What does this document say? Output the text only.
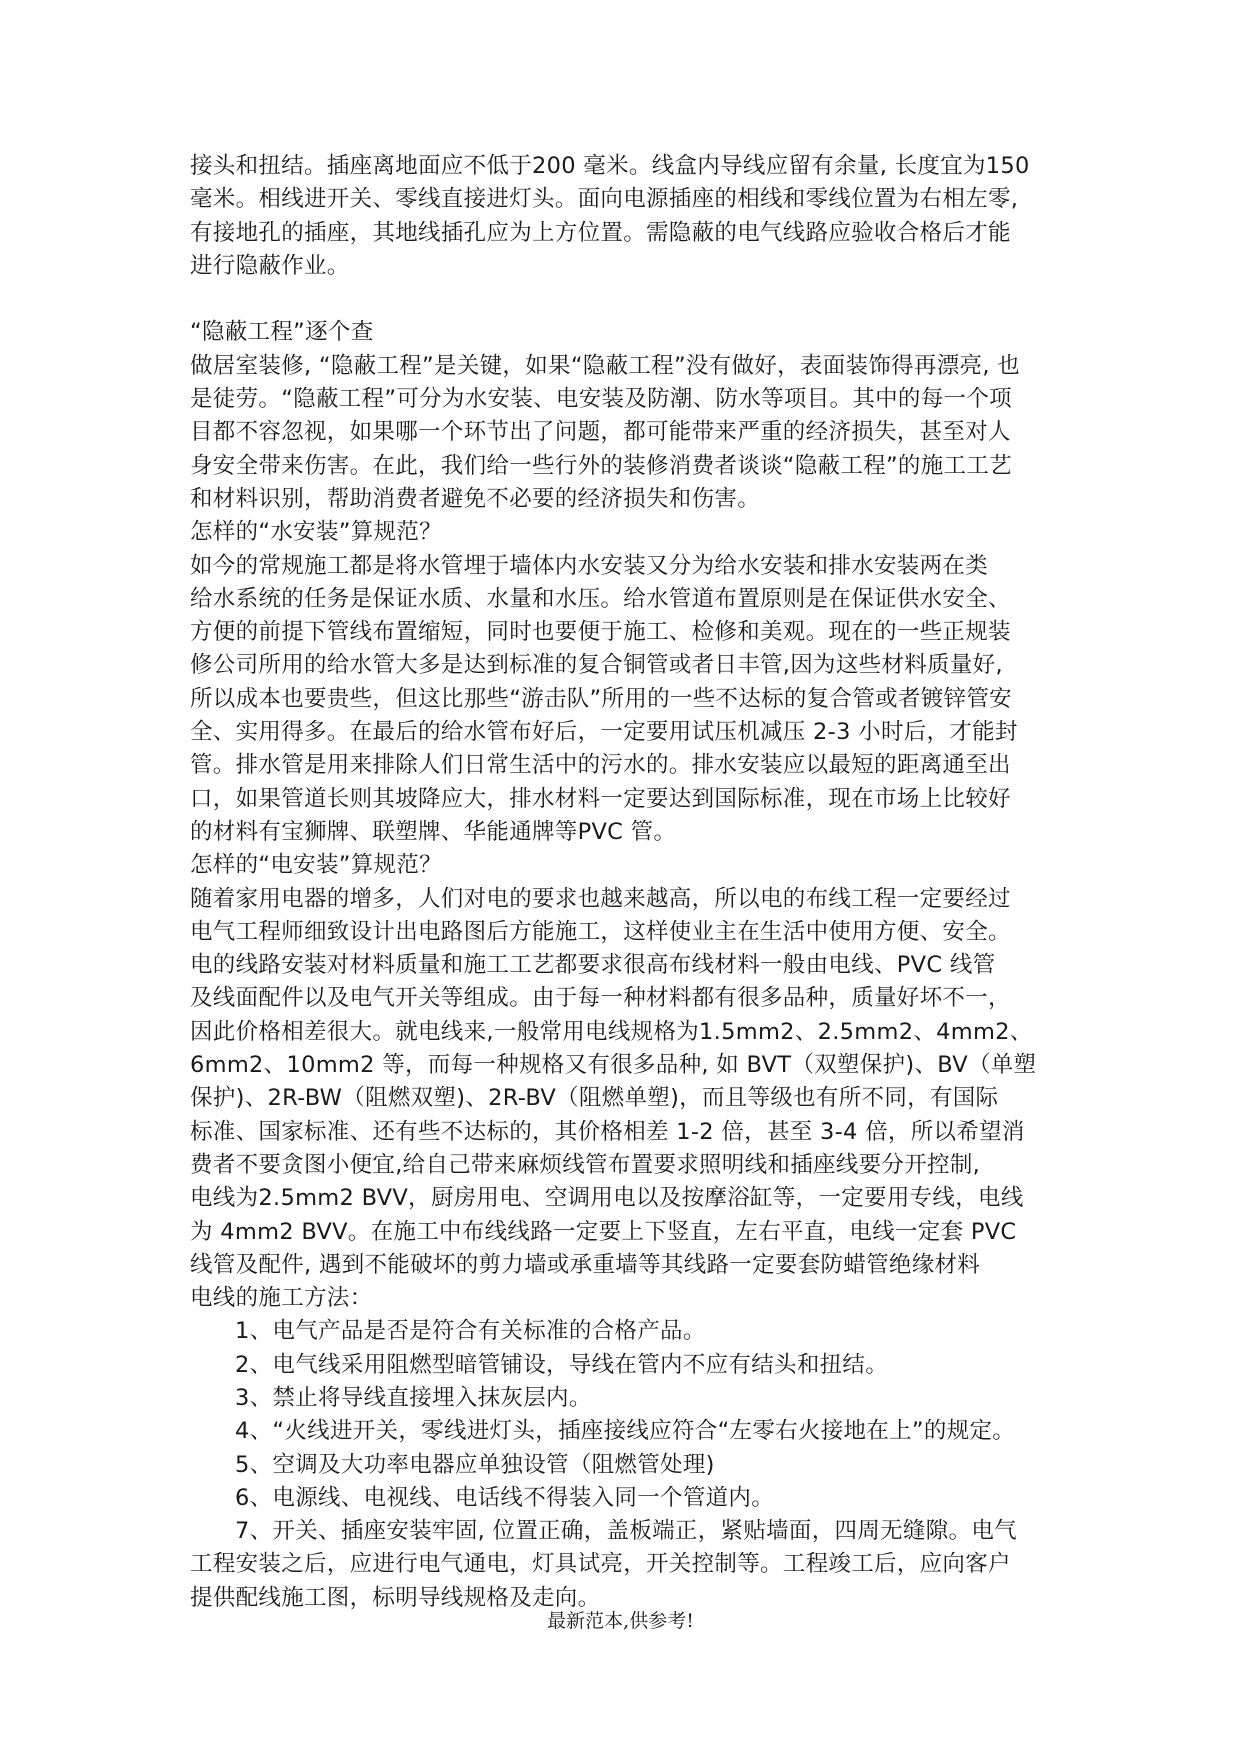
接头和扭结。插座离地面应不低于200 毫米。线盒内导线应留有余量, 长度宜为150
毫米。相线进开关、零线直接进灯头。面向电源插座的相线和零线位置为右相左零,
有接地孔的插座，其地线插孔应为上方位置。需隐蔽的电气线路应验收合格后才能
进行隐蔽作业。
“隐蔽工程”逐个查
做居室装修, “隐蔽工程”是关键，如果“隐蔽工程”没有做好，表面装饰得再漂亮, 也
是徒劳。“隐蔽工程”可分为水安装、电安装及防潮、防水等项目。其中的每一个项
目都不容忽视，如果哪一个环节出了问题，都可能带来严重的经济损失，甚至对人
身安全带来伤害。在此，我们给一些行外的装修消费者谈谈“隐蔽工程”的施工工艺
和材料识别，帮助消费者避免不必要的经济损失和伤害。
怎样的“水安装”算规范？
如今的常规施工都是将水管埋于墙体内水安装又分为给水安装和排水安装两在类
给水系统的任务是保证水质、水量和水压。给水管道布置原则是在保证供水安全、
方便的前提下管线布置缩短，同时也要便于施工、检修和美观。现在的一些正规装
修公司所用的给水管大多是达到标准的复合铜管或者日丰管,因为这些材料质量好,
所以成本也要贵些，但这比那些“游击队”所用的一些不达标的复合管或者镀锌管安
全、实用得多。在最后的给水管布好后，一定要用试压机减压 2-3 小时后，才能封
管。排水管是用来排除人们日常生活中的污水的。排水安装应以最短的距离通至出
口，如果管道长则其坡降应大，排水材料一定要达到国际标准，现在市场上比较好
的材料有宝狮牌、联塑牌、华能通牌等PVC 管。
怎样的“电安装”算规范？
随着家用电器的增多，人们对电的要求也越来越高，所以电的布线工程一定要经过
电气工程师细致设计出电路图后方能施工，这样使业主在生活中使用方便、安全。
电的线路安装对材料质量和施工工艺都要求很高布线材料一般由电线、PVC 线管
及线面配件以及电气开关等组成。由于每一种材料都有很多品种，质量好坏不一，
因此价格相差很大。就电线来,一般常用电线规格为1.5mm2、2.5mm2、4mm2、
6mm2、10mm2 等，而每一种规格又有很多品种, 如 BVT（双塑保护)、BV（单塑
保护)、2R-BW（阻燃双塑)、2R-BV（阻燃单塑)，而且等级也有所不同，有国际
标准、国家标准、还有些不达标的，其价格相差 1-2 倍，甚至 3-4 倍，所以希望消
费者不要贪图小便宜,给自己带来麻烦线管布置要求照明线和插座线要分开控制,
电线为2.5mm2 BVV，厨房用电、空调用电以及按摩浴缸等，一定要用专线，电线
为 4mm2 BVV。在施工中布线线路一定要上下竖直，左右平直，电线一定套 PVC
线管及配件, 遇到不能破坏的剪力墙或承重墙等其线路一定要套防蜡管绝缘材料
电线的施工方法：
1、电气产品是否是符合有关标准的合格产品。
2、电气线采用阻燃型暗管铺设，导线在管内不应有结头和扭结。
3、禁止将导线直接埋入抹灰层内。
4、“火线进开关，零线进灯头，插座接线应符合“左零右火接地在上”的规定。
5、空调及大功率电器应单独设管（阻燃管处理)
6、电源线、电视线、电话线不得装入同一个管道内。
7、开关、插座安装牢固, 位置正确，盖板端正，紧贴墙面，四周无缝隙。电气
工程安装之后，应进行电气通电，灯具试亮，开关控制等。工程竣工后，应向客户
提供配线施工图，标明导线规格及走向。
最新范本,供参考!
